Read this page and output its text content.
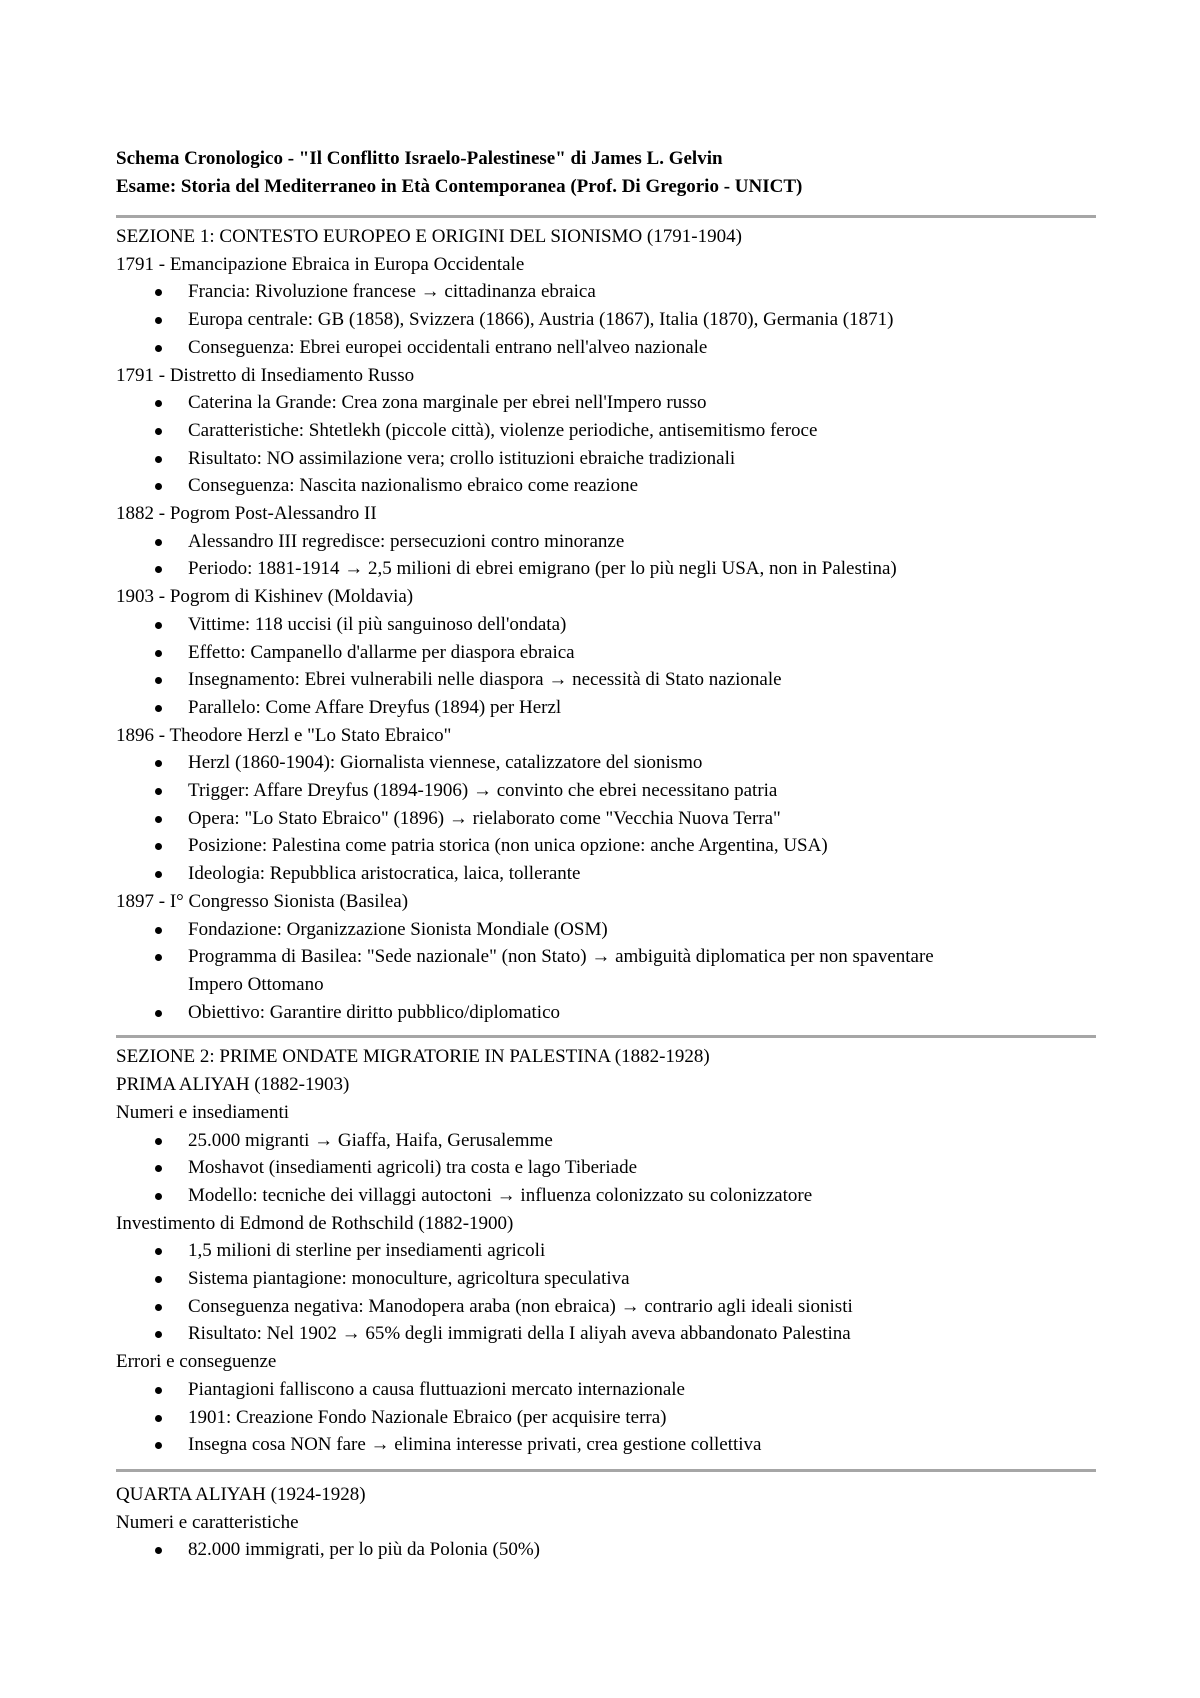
Schema Cronologico - "Il Conflitto Israelo-Palestinese" di James L. Gelvin

Esame: Storia del Mediterraneo in Età Contemporanea (Prof. Di Gregorio - UNICT)

SEZIONE 1: CONTESTO EUROPEO E ORIGINI DEL SIONISMO (1791-1904)

1791 - Emancipazione Ebraica in Europa Occidentale

Francia: Rivoluzione francese → cittadinanza ebraica
Europa centrale: GB (1858), Svizzera (1866), Austria (1867), Italia (1870), Germania (1871)
Conseguenza: Ebrei europei occidentali entrano nell'alveo nazionale

1791 - Distretto di Insediamento Russo

Caterina la Grande: Crea zona marginale per ebrei nell'Impero russo
Caratteristiche: Shtetlekh (piccole città), violenze periodiche, antisemitismo feroce
Risultato: NO assimilazione vera; crollo istituzioni ebraiche tradizionali
Conseguenza: Nascita nazionalismo ebraico come reazione

1882 - Pogrom Post-Alessandro II

Alessandro III regredisce: persecuzioni contro minoranze
Periodo: 1881-1914 → 2,5 milioni di ebrei emigrano (per lo più negli USA, non in Palestina)

1903 - Pogrom di Kishinev (Moldavia)

Vittime: 118 uccisi (il più sanguinoso dell'ondata)
Effetto: Campanello d'allarme per diaspora ebraica
Insegnamento: Ebrei vulnerabili nelle diaspora → necessità di Stato nazionale
Parallelo: Come Affare Dreyfus (1894) per Herzl

1896 - Theodore Herzl e "Lo Stato Ebraico"

Herzl (1860-1904): Giornalista viennese, catalizzatore del sionismo
Trigger: Affare Dreyfus (1894-1906) → convinto che ebrei necessitano patria
Opera: "Lo Stato Ebraico" (1896) → rielaborato come "Vecchia Nuova Terra"
Posizione: Palestina come patria storica (non unica opzione: anche Argentina, USA)
Ideologia: Repubblica aristocratica, laica, tollerante

1897 - I° Congresso Sionista (Basilea)

Fondazione: Organizzazione Sionista Mondiale (OSM)
Programma di Basilea: "Sede nazionale" (non Stato) → ambiguità diplomatica per non spaventare
Impero Ottomano
Obiettivo: Garantire diritto pubblico/diplomatico

SEZIONE 2: PRIME ONDATE MIGRATORIE IN PALESTINA (1882-1928)

PRIMA ALIYAH (1882-1903)

Numeri e insediamenti

25.000 migranti → Giaffa, Haifa, Gerusalemme
Moshavot (insediamenti agricoli) tra costa e lago Tiberiade
Modello: tecniche dei villaggi autoctoni → influenza colonizzato su colonizzatore

Investimento di Edmond de Rothschild (1882-1900)

1,5 milioni di sterline per insediamenti agricoli
Sistema piantagione: monoculture, agricoltura speculativa
Conseguenza negativa: Manodopera araba (non ebraica) → contrario agli ideali sionisti
Risultato: Nel 1902 → 65% degli immigrati della I aliyah aveva abbandonato Palestina

Errori e conseguenze

Piantagioni falliscono a causa fluttuazioni mercato internazionale
1901: Creazione Fondo Nazionale Ebraico (per acquisire terra)
Insegna cosa NON fare → elimina interesse privati, crea gestione collettiva

QUARTA ALIYAH (1924-1928)

Numeri e caratteristiche

82.000 immigrati, per lo più da Polonia (50%)
